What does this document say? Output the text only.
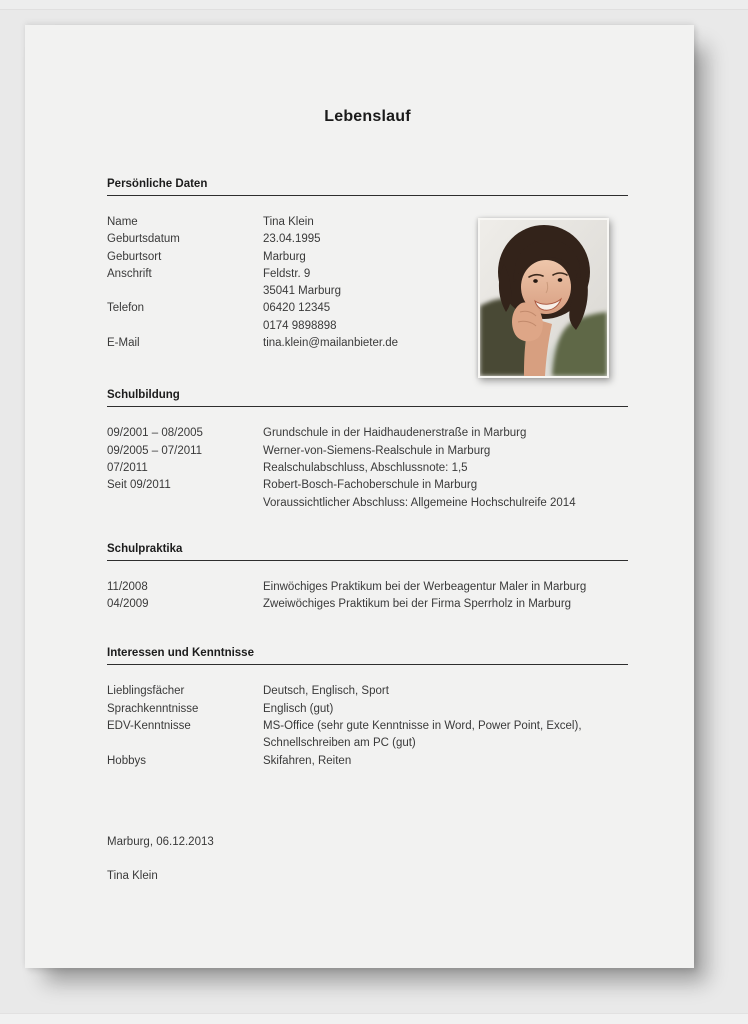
Lebenslauf
Persönliche Daten
Name	Tina Klein
Geburtsdatum	23.04.1995
Geburtsort	Marburg
Anschrift	Feldstr. 9
35041 Marburg
Telefon	06420 12345
0174 9898898
E-Mail	tina.klein@mailanbieter.de
Schulbildung
09/2001 – 08/2005	Grundschule in der Haidhaudenerstraße in Marburg
09/2005 – 07/2011	Werner-von-Siemens-Realschule in Marburg
07/2011	Realschulabschluss, Abschlussnote: 1,5
Seit 09/2011	Robert-Bosch-Fachoberschule in Marburg
Voraussichtlicher Abschluss: Allgemeine Hochschulreife 2014
Schulpraktika
11/2008	Einwöchiges Praktikum bei der Werbeagentur Maler in Marburg
04/2009	Zweiwöchiges Praktikum bei der Firma Sperrholz in Marburg
Interessen und Kenntnisse
Lieblingsfächer	Deutsch, Englisch, Sport
Sprachkenntnisse	Englisch (gut)
EDV-Kenntnisse	MS-Office (sehr gute Kenntnisse in Word, Power Point, Excel),
Schnellschreiben am PC (gut)
Hobbys	Skifahren, Reiten
Marburg, 06.12.2013
Tina Klein
